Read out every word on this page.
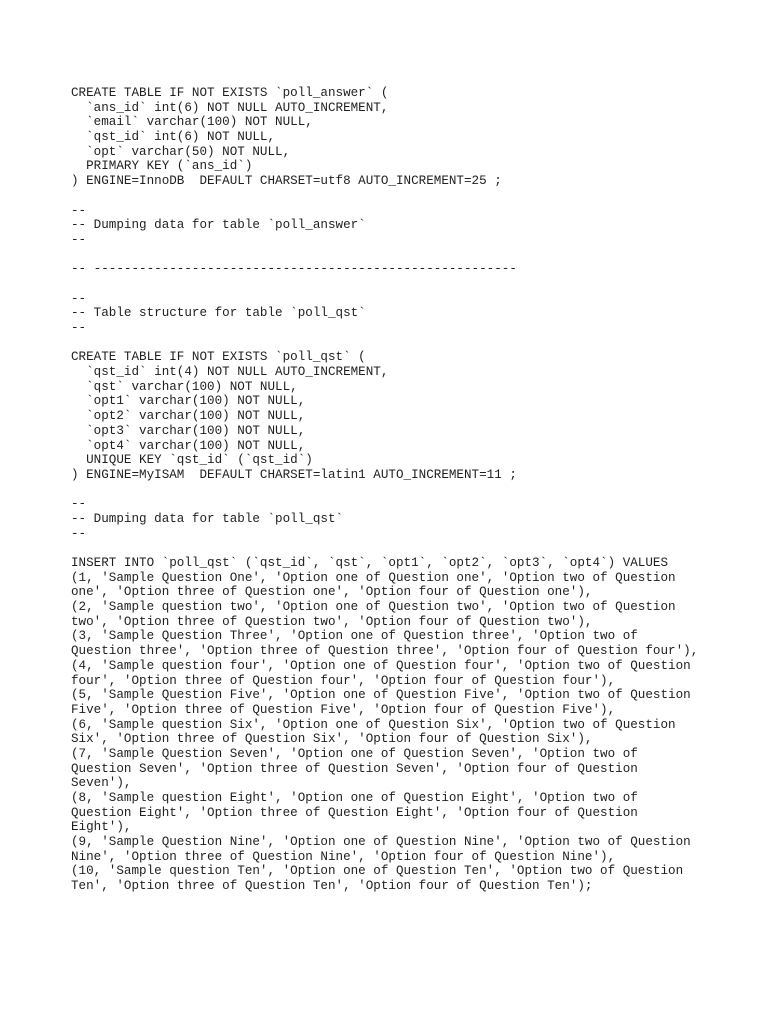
CREATE TABLE IF NOT EXISTS `poll_answer` (
`ans_id` int(6) NOT NULL AUTO_INCREMENT,
`email` varchar(100) NOT NULL,
`qst_id` int(6) NOT NULL,
`opt` varchar(50) NOT NULL,
PRIMARY KEY (`ans_id`)
) ENGINE=InnoDB  DEFAULT CHARSET=utf8 AUTO_INCREMENT=25 ;
--
-- Dumping data for table `poll_answer`
--
-- --------------------------------------------------------
--
-- Table structure for table `poll_qst`
--
CREATE TABLE IF NOT EXISTS `poll_qst` (
`qst_id` int(4) NOT NULL AUTO_INCREMENT,
`qst` varchar(100) NOT NULL,
`opt1` varchar(100) NOT NULL,
`opt2` varchar(100) NOT NULL,
`opt3` varchar(100) NOT NULL,
`opt4` varchar(100) NOT NULL,
UNIQUE KEY `qst_id` (`qst_id`)
) ENGINE=MyISAM  DEFAULT CHARSET=latin1 AUTO_INCREMENT=11 ;
--
-- Dumping data for table `poll_qst`
--
INSERT INTO `poll_qst` (`qst_id`, `qst`, `opt1`, `opt2`, `opt3`, `opt4`) VALUES
(1, 'Sample Question One', 'Option one of Question one', 'Option two of Question
one', 'Option three of Question one', 'Option four of Question one'),
(2, 'Sample question two', 'Option one of Question two', 'Option two of Question
two', 'Option three of Question two', 'Option four of Question two'),
(3, 'Sample Question Three', 'Option one of Question three', 'Option two of
Question three', 'Option three of Question three', 'Option four of Question four'),
(4, 'Sample question four', 'Option one of Question four', 'Option two of Question
four', 'Option three of Question four', 'Option four of Question four'),
(5, 'Sample Question Five', 'Option one of Question Five', 'Option two of Question
Five', 'Option three of Question Five', 'Option four of Question Five'),
(6, 'Sample question Six', 'Option one of Question Six', 'Option two of Question
Six', 'Option three of Question Six', 'Option four of Question Six'),
(7, 'Sample Question Seven', 'Option one of Question Seven', 'Option two of
Question Seven', 'Option three of Question Seven', 'Option four of Question
Seven'),
(8, 'Sample question Eight', 'Option one of Question Eight', 'Option two of
Question Eight', 'Option three of Question Eight', 'Option four of Question
Eight'),
(9, 'Sample Question Nine', 'Option one of Question Nine', 'Option two of Question
Nine', 'Option three of Question Nine', 'Option four of Question Nine'),
(10, 'Sample question Ten', 'Option one of Question Ten', 'Option two of Question
Ten', 'Option three of Question Ten', 'Option four of Question Ten');
